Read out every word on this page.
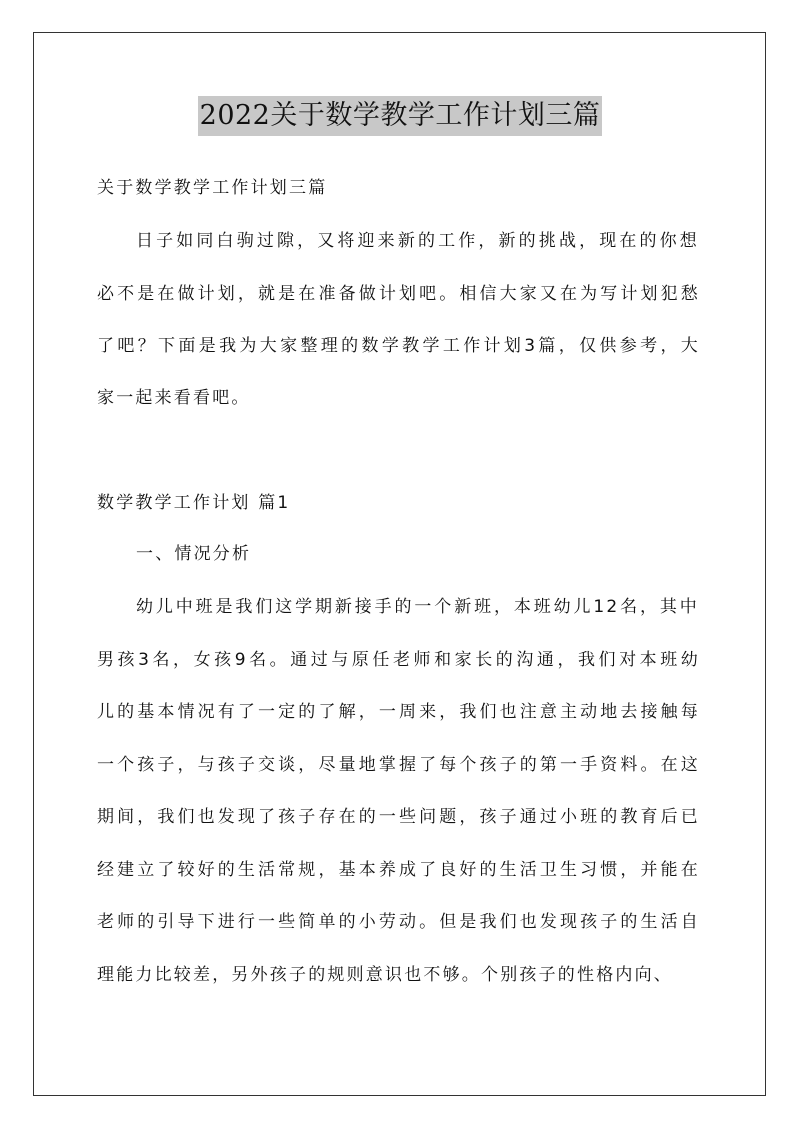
2022关于数学教学工作计划三篇
关于数学教学工作计划三篇
日子如同白驹过隙，又将迎来新的工作，新的挑战，现在的你想
必不是在做计划，就是在准备做计划吧。相信大家又在为写计划犯愁
了吧？下面是我为大家整理的数学教学工作计划3篇，仅供参考，大
家一起来看看吧。
数学教学工作计划 篇1
一、情况分析
幼儿中班是我们这学期新接手的一个新班，本班幼儿12名，其中
男孩3名，女孩9名。通过与原任老师和家长的沟通，我们对本班幼
儿的基本情况有了一定的了解，一周来，我们也注意主动地去接触每
一个孩子，与孩子交谈，尽量地掌握了每个孩子的第一手资料。在这
期间，我们也发现了孩子存在的一些问题，孩子通过小班的教育后已
经建立了较好的生活常规，基本养成了良好的生活卫生习惯，并能在
老师的引导下进行一些简单的小劳动。但是我们也发现孩子的生活自
理能力比较差，另外孩子的规则意识也不够。个别孩子的性格内向、
